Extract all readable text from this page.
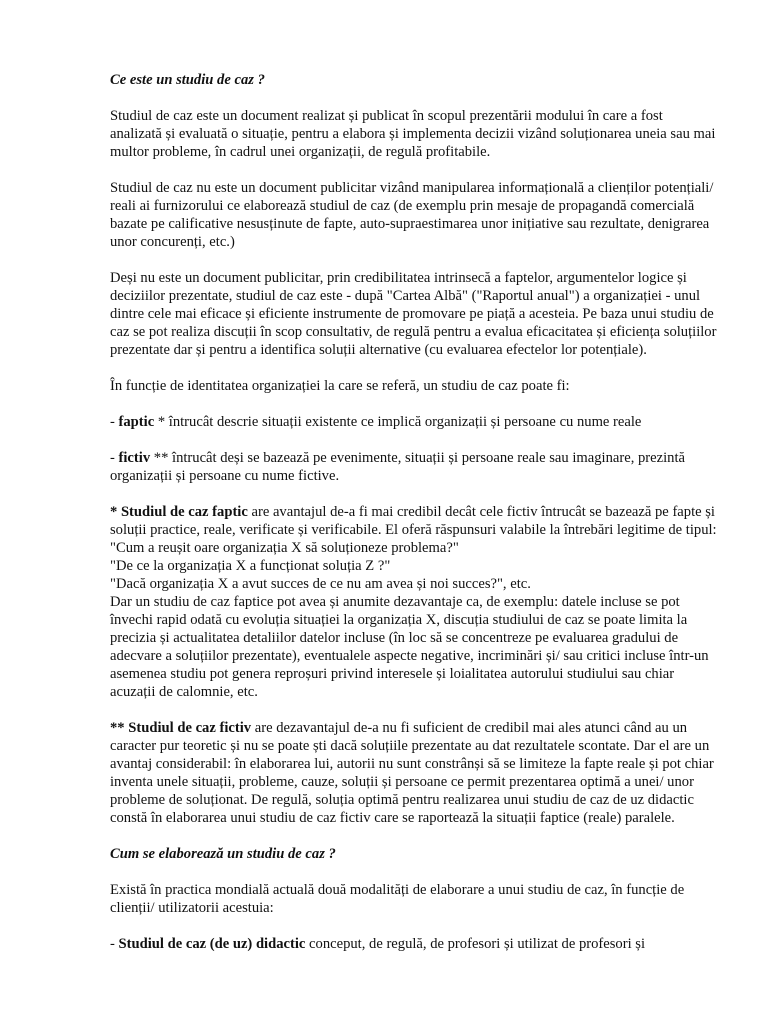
Ce este un studiu de caz ?

Studiul de caz este un document realizat și publicat în scopul prezentării modului în care a fost analizată și evaluată o situație, pentru a elabora și implementa decizii vizând soluționarea uneia sau mai multor probleme, în cadrul unei organizații, de regulă profitabile.

Studiul de caz nu este un document publicitar vizând manipularea informațională a clienților potențiali/ reali ai furnizorului ce elaborează studiul de caz (de exemplu prin mesaje de propagandă comercială bazate pe calificative nesusținute de fapte, auto-supraestimarea unor inițiative sau rezultate, denigrarea unor concurenți, etc.)

Deși nu este un document publicitar, prin credibilitatea intrinsecă a faptelor, argumentelor logice și deciziilor prezentate, studiul de caz este - după "Cartea Albă" ("Raportul anual") a organizației - unul dintre cele mai eficace și eficiente instrumente de promovare pe piață a acesteia. Pe baza unui studiu de caz se pot realiza discuții în scop consultativ, de regulă pentru a evalua eficacitatea și eficiența soluțiilor prezentate dar și pentru a identifica soluții alternative (cu evaluarea efectelor lor potențiale).

În funcție de identitatea organizației la care se referă, un studiu de caz poate fi:

- faptic * întrucât descrie situații existente ce implică organizații și persoane cu nume reale

- fictiv ** întrucât deși se bazează pe evenimente, situații și persoane reale sau imaginare, prezintă organizații și persoane cu nume fictive.

* Studiul de caz faptic are avantajul de-a fi mai credibil decât cele fictiv întrucât se bazează pe fapte și soluții practice, reale, verificate și verificabile. El oferă răspunsuri valabile la întrebări legitime de tipul:
"Cum a reușit oare organizația X să soluționeze problema?"
"De ce la organizația X a funcționat soluția Z ?"
"Dacă organizația X a avut succes de ce nu am avea și noi succes?", etc.
Dar un studiu de caz faptice pot avea și anumite dezavantaje ca, de exemplu: datele incluse se pot învechi rapid odată cu evoluția situației la organizația X, discuția studiului de caz se poate limita la precizia și actualitatea detaliilor datelor incluse (în loc să se concentreze pe evaluarea gradului de adecvare a soluțiilor prezentate), eventualele aspecte negative, incriminări și/ sau critici incluse într-un asemenea studiu pot genera reproșuri privind interesele și loialitatea autorului studiului sau chiar acuzații de calomnie, etc.

** Studiul de caz fictiv are dezavantajul de-a nu fi suficient de credibil mai ales atunci când au un caracter pur teoretic și nu se poate ști dacă soluțiile prezentate au dat rezultatele scontate. Dar el are un avantaj considerabil: în elaborarea lui, autorii nu sunt constrânși să se limiteze la fapte reale și pot chiar inventa unele situații, probleme, cauze, soluții și persoane ce permit prezentarea optimă a unei/ unor probleme de soluționat. De regulă, soluția optimă pentru realizarea unui studiu de caz de uz didactic constă în elaborarea unui studiu de caz fictiv care se raportează la situații faptice (reale) paralele.

Cum se elaborează un studiu de caz ?

Există în practica mondială actuală două modalități de elaborare a unui studiu de caz, în funcție de clienții/ utilizatorii acestuia:

- Studiul de caz (de uz) didactic conceput, de regulă, de profesori și utilizat de profesori și
